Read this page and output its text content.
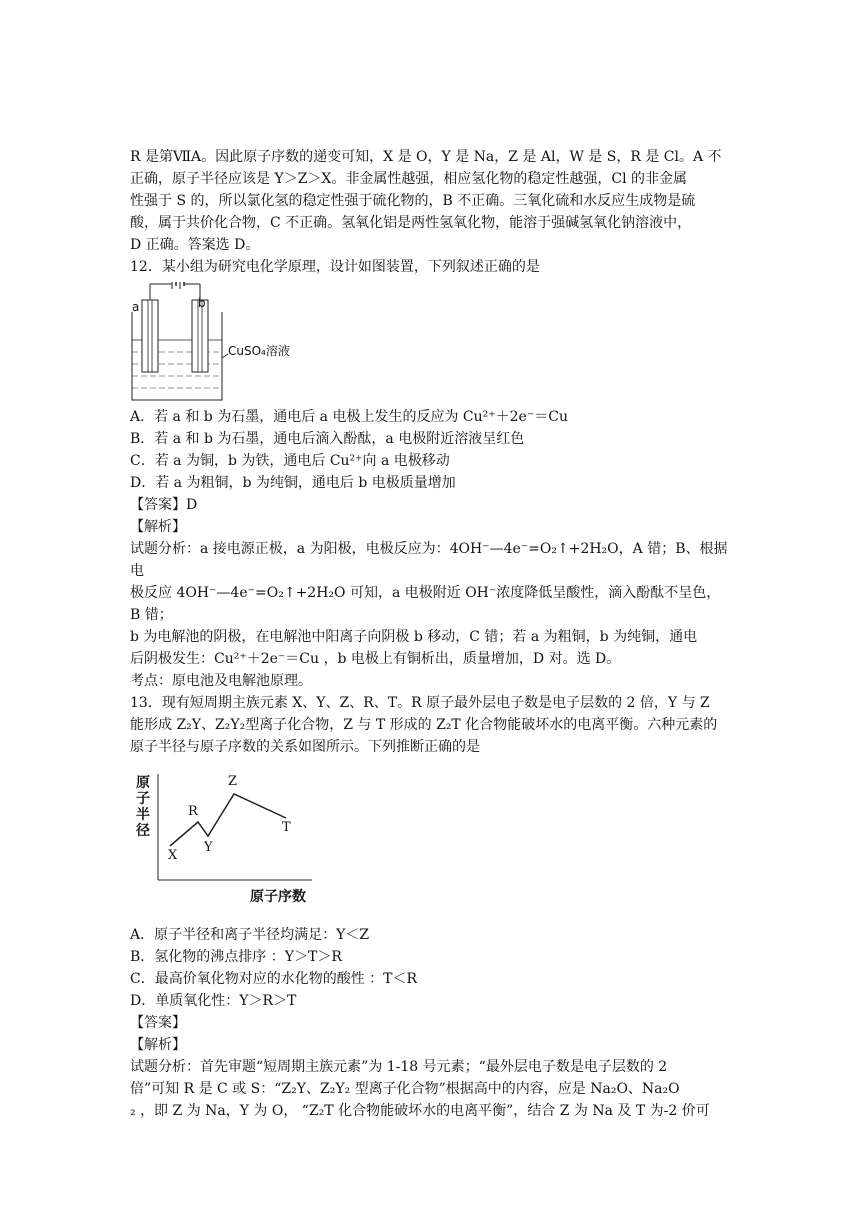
R 是第ⅦA。因此原子序数的递变可知，X 是 O，Y 是 Na，Z 是 Al，W 是 S，R 是 Cl。A 不

正确，原子半径应该是 Y＞Z＞X。非金属性越强，相应氢化物的稳定性越强，Cl 的非金属

性强于 S 的，所以氯化氢的稳定性强于硫化物的，B 不正确。三氧化硫和水反应生成物是硫

酸，属于共价化合物，C 不正确。氢氧化铝是两性氢氧化物，能溶于强碱氢氧化钠溶液中，

D 正确。答案选 D。

12．某小组为研究电化学原理，设计如图装置，下列叙述正确的是

a	b
CuSO₄溶液

A．若 a 和 b 为石墨，通电后 a 电极上发生的反应为 Cu²⁺＋2e⁻＝Cu

B．若 a 和 b 为石墨，通电后滴入酚酞，a 电极附近溶液呈红色

C．若 a 为铜，b 为铁，通电后 Cu²⁺向 a 电极移动

D．若 a 为粗铜，b 为纯铜，通电后 b 电极质量增加

【答案】D

【解析】

试题分析：a 接电源正极，a 为阳极，电极反应为：4OH⁻—4e⁻=O₂↑+2H₂O，A 错；B、根据电

极反应 4OH⁻—4e⁻=O₂↑+2H₂O 可知，a 电极附近 OH⁻浓度降低呈酸性，滴入酚酞不呈色，B 错；

b 为电解池的阴极，在电解池中阳离子向阴极 b 移动，C 错；若 a 为粗铜，b 为纯铜，通电

后阴极发生：Cu²⁺＋2e⁻＝Cu ，b 电极上有铜析出，质量增加，D 对。选 D。

考点：原电池及电解池原理。

13．现有短周期主族元素 X、Y、Z、R、T。R 原子最外层电子数是电子层数的 2 倍，Y 与 Z

能形成 Z₂Y、Z₂Y₂型离子化合物，Z 与 T 形成的 Z₂T 化合物能破坏水的电离平衡。六种元素的

原子半径与原子序数的关系如图所示。下列推断正确的是

原
子
半
径
X
R
Y
Z
T
原子序数

A．原子半径和离子半径均满足：Y＜Z

B．氢化物的沸点排序 ：Y＞T＞R

C．最高价氧化物对应的水化物的酸性 ：T＜R

D．单质氧化性：Y＞R＞T

【答案】

【解析】

试题分析：首先审题“短周期主族元素”为 1-18 号元素；“最外层电子数是电子层数的 2

倍”可知 R 是 C 或 S：“Z₂Y、Z₂Y₂ 型离子化合物”根据高中的内容，应是 Na₂O、Na₂O

₂ ，即 Z 为 Na，Y 为 O， “Z₂T 化合物能破坏水的电离平衡”，结合 Z 为 Na 及 T 为-2 价可
